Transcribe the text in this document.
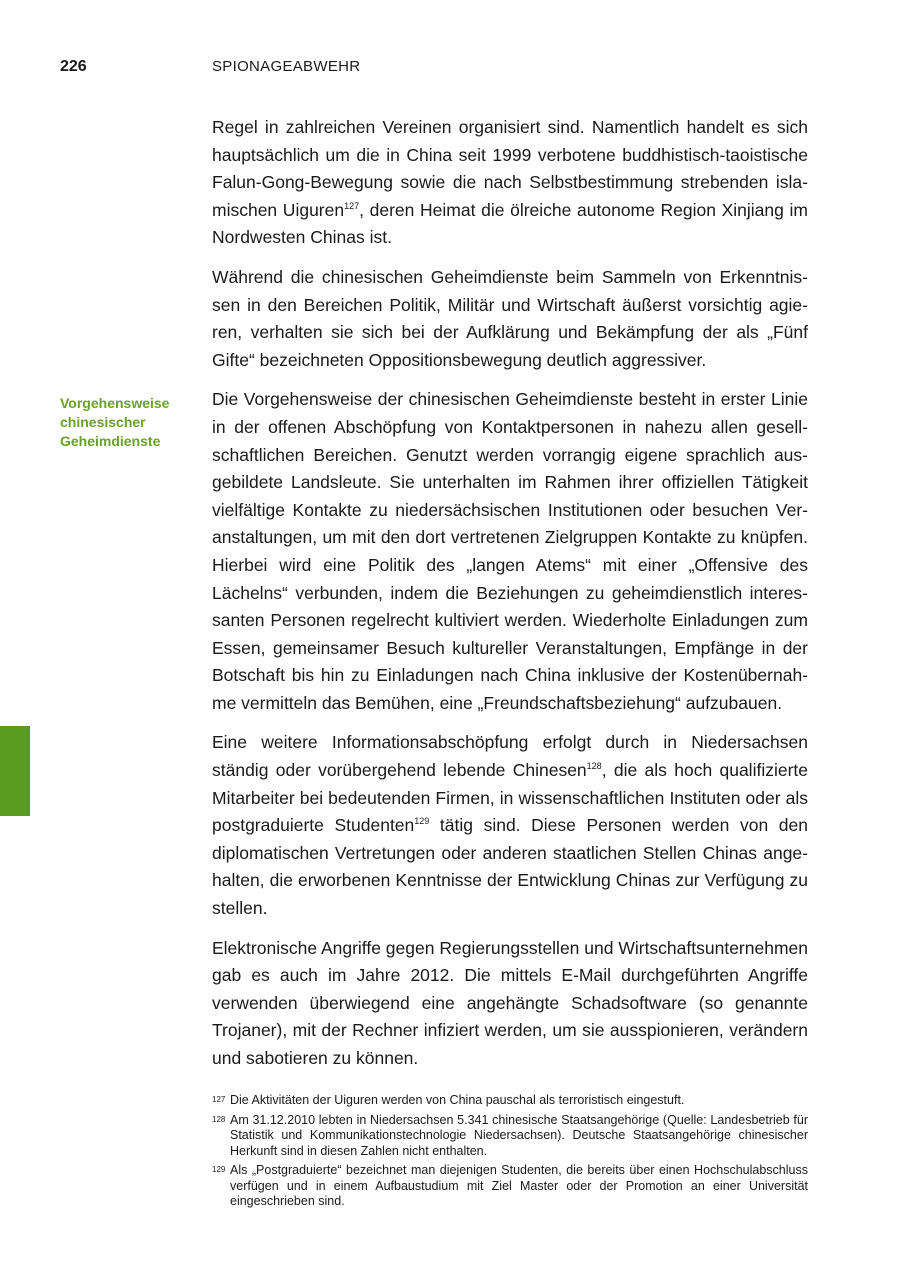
226	SPIONAGEABWEHR
Vorgehensweise
chinesischer
Geheimdienste

Regel in zahlreichen Vereinen organisiert sind. Namentlich handelt es sich hauptsächlich um die in China seit 1999 verbotene buddhistisch-taoistische Falun-Gong-Bewegung sowie die nach Selbstbestimmung strebenden islamischen Uiguren$^{127}$, deren Heimat die ölreiche autonome Region Xinjiang im Nordwesten Chinas ist.

Während die chinesischen Geheimdienste beim Sammeln von Erkenntnissen in den Bereichen Politik, Militär und Wirtschaft äußerst vorsichtig agieren, verhalten sie sich bei der Aufklärung und Bekämpfung der als „Fünf Gifte“ bezeichneten Oppositionsbewegung deutlich aggressiver.

Die Vorgehensweise der chinesischen Geheimdienste besteht in erster Linie in der offenen Abschöpfung von Kontaktpersonen in nahezu allen gesellschaftlichen Bereichen. Genutzt werden vorrangig eigene sprachlich ausgebildete Landsleute. Sie unterhalten im Rahmen ihrer offiziellen Tätigkeit vielfältige Kontakte zu niedersächsischen Institutionen oder besuchen Veranstaltungen, um mit den dort vertretenen Zielgruppen Kontakte zu knüpfen. Hierbei wird eine Politik des „langen Atems“ mit einer „Offensive des Lächelns“ verbunden, indem die Beziehungen zu geheimdienstlich interessanten Personen regelrecht kultiviert werden. Wiederholte Einladungen zum Essen, gemeinsamer Besuch kultureller Veranstaltungen, Empfänge in der Botschaft bis hin zu Einladungen nach China inklusive der Kostenübernahme vermitteln das Bemühen, eine „Freundschaftsbeziehung“ aufzubauen.

Eine weitere Informationsabschöpfung erfolgt durch in Niedersachsen ständig oder vorübergehend lebende Chinesen$^{128}$, die als hoch qualifizierte Mitarbeiter bei bedeutenden Firmen, in wissenschaftlichen Instituten oder als postgraduierte Studenten$^{129}$ tätig sind. Diese Personen werden von den diplomatischen Vertretungen oder anderen staatlichen Stellen Chinas angehalten, die erworbenen Kenntnisse der Entwicklung Chinas zur Verfügung zu stellen.

Elektronische Angriffe gegen Regierungsstellen und Wirtschaftsunternehmen gab es auch im Jahre 2012. Die mittels E-Mail durchgeführten Angriffe verwenden überwiegend eine angehängte Schadsoftware (so genannte Trojaner), mit der Rechner infiziert werden, um sie ausspionieren, verändern und sabotieren zu können.

127 Die Aktivitäten der Uiguren werden von China pauschal als terroristisch eingestuft.
128 Am 31.12.2010 lebten in Niedersachsen 5.341 chinesische Staatsangehörige (Quelle: Landesbetrieb für Statistik und Kommunikationstechnologie Niedersachsen). Deutsche Staatsangehörige chinesischer Herkunft sind in diesen Zahlen nicht enthalten.
129 Als „Postgraduierte“ bezeichnet man diejenigen Studenten, die bereits über einen Hochschulabschluss verfügen und in einem Aufbaustudium mit Ziel Master oder der Promotion an einer Universität eingeschrieben sind.
